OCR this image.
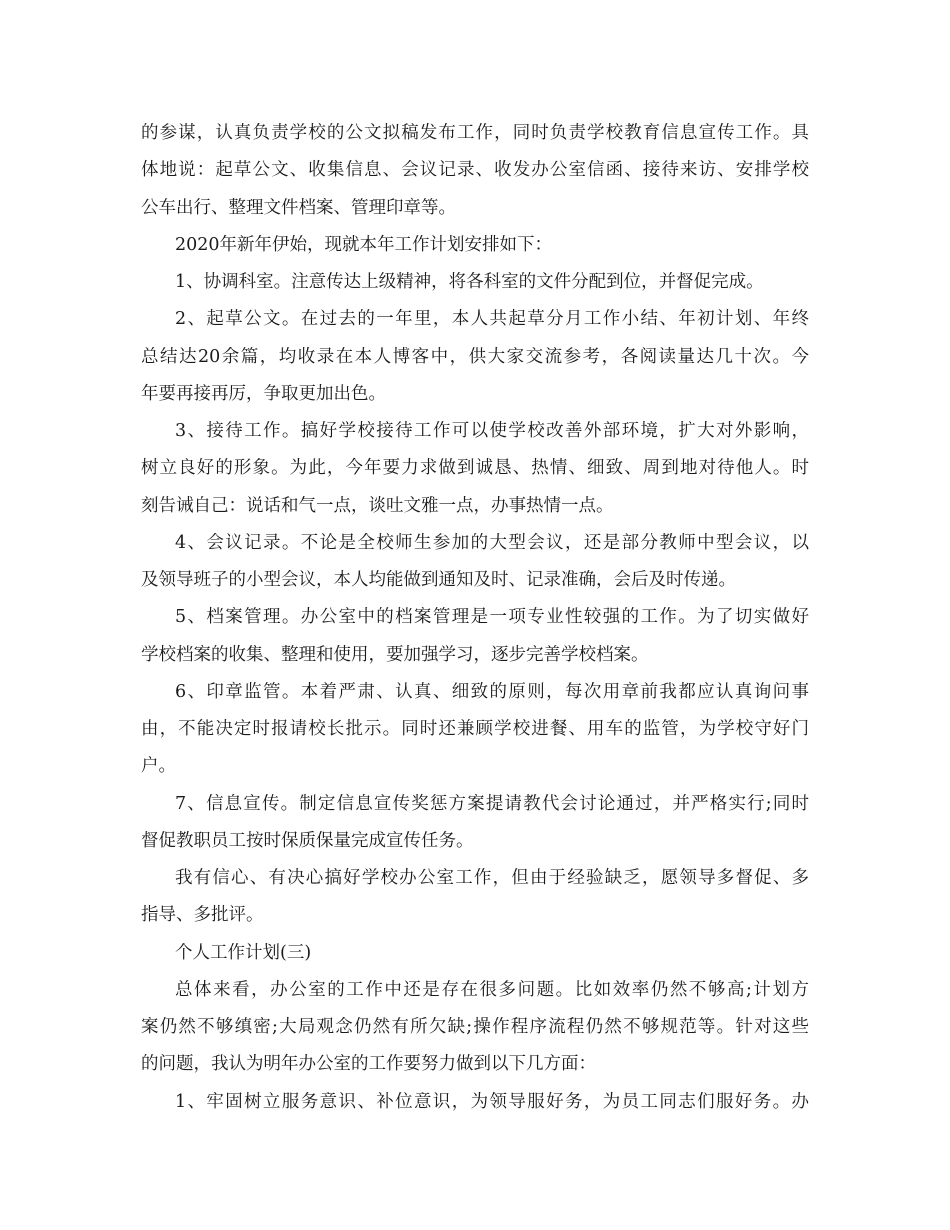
的参谋，认真负责学校的公文拟稿发布工作，同时负责学校教育信息宣传工作。具
体地说：起草公文、收集信息、会议记录、收发办公室信函、接待来访、安排学校
公车出行、整理文件档案、管理印章等。
2020年新年伊始，现就本年工作计划安排如下：
1、协调科室。注意传达上级精神，将各科室的文件分配到位，并督促完成。
2、起草公文。在过去的一年里，本人共起草分月工作小结、年初计划、年终
总结达20余篇，均收录在本人博客中，供大家交流参考，各阅读量达几十次。今
年要再接再厉，争取更加出色。
3、接待工作。搞好学校接待工作可以使学校改善外部环境，扩大对外影响，
树立良好的形象。为此，今年要力求做到诚恳、热情、细致、周到地对待他人。时
刻告诫自己：说话和气一点，谈吐文雅一点，办事热情一点。
4、会议记录。不论是全校师生参加的大型会议，还是部分教师中型会议，以
及领导班子的小型会议，本人均能做到通知及时、记录准确，会后及时传递。
5、档案管理。办公室中的档案管理是一项专业性较强的工作。为了切实做好
学校档案的收集、整理和使用，要加强学习，逐步完善学校档案。
6、印章监管。本着严肃、认真、细致的原则，每次用章前我都应认真询问事
由，不能决定时报请校长批示。同时还兼顾学校进餐、用车的监管，为学校守好门
户。
7、信息宣传。制定信息宣传奖惩方案提请教代会讨论通过，并严格实行;同时
督促教职员工按时保质保量完成宣传任务。
我有信心、有决心搞好学校办公室工作，但由于经验缺乏，愿领导多督促、多
指导、多批评。
个人工作计划(三)
总体来看，办公室的工作中还是存在很多问题。比如效率仍然不够高;计划方
案仍然不够缜密;大局观念仍然有所欠缺;操作程序流程仍然不够规范等。针对这些
的问题，我认为明年办公室的工作要努力做到以下几方面：
1、牢固树立服务意识、补位意识，为领导服好务，为员工同志们服好务。办
